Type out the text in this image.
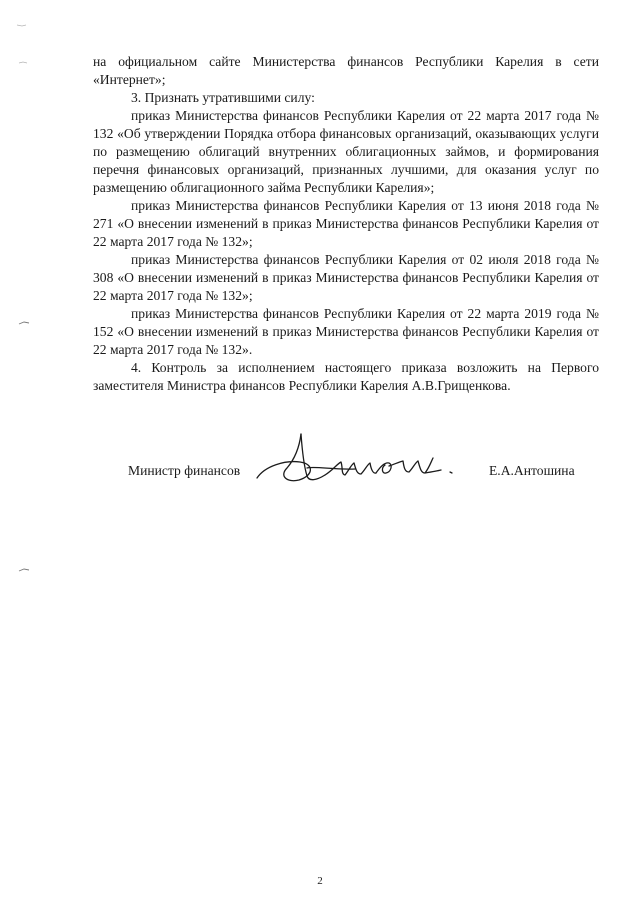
на официальном сайте Министерства финансов Республики Карелия в сети «Интернет»;

3. Признать утратившими силу:

приказ Министерства финансов Республики Карелия от 22 марта 2017 года № 132 «Об утверждении Порядка отбора финансовых организаций, оказывающих услуги по размещению облигаций внутренних облигационных займов, и формирования перечня финансовых организаций, признанных лучшими, для оказания услуг по размещению облигационного займа Республики Карелия»;

приказ Министерства финансов Республики Карелия от 13 июня 2018 года № 271 «О внесении изменений в приказ Министерства финансов Республики Карелия от 22 марта 2017 года № 132»;

приказ Министерства финансов Республики Карелия от 02 июля 2018 года № 308 «О внесении изменений в приказ Министерства финансов Республики Карелия от 22 марта 2017 года № 132»;

приказ Министерства финансов Республики Карелия от 22 марта 2019 года № 152 «О внесении изменений в приказ Министерства финансов Республики Карелия от 22 марта 2017 года № 132».

4. Контроль за исполнением настоящего приказа возложить на Первого заместителя Министра финансов Республики Карелия А.В.Грищенкова.

Министр финансов	Е.А.Антошина
2
